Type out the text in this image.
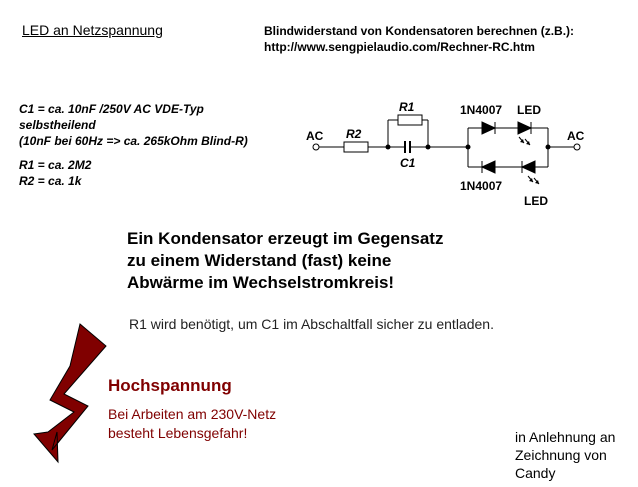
LED an Netzspannung	Blindwiderstand von Kondensatoren berechnen (z.B.):
http://www.sengpielaudio.com/Rechner-RC.htm
C1 = ca. 10nF /250V AC VDE-Typ
selbstheilend
(10nF bei 60Hz => ca. 265kOhm Blind-R)
R1 = ca. 2M2
R2 = ca. 1k
AC	AC
R1
R2
C1
1N4007
1N4007
LED
LED
Ein Kondensator erzeugt im Gegensatz
zu einem Widerstand (fast) keine
Abwärme im Wechselstromkreis!
R1 wird benötigt, um C1 im Abschaltfall sicher zu entladen.
Hochspannung
Bei Arbeiten am 230V-Netz
besteht Lebensgefahr!	in Anlehnung an
Zeichnung von
Candy
